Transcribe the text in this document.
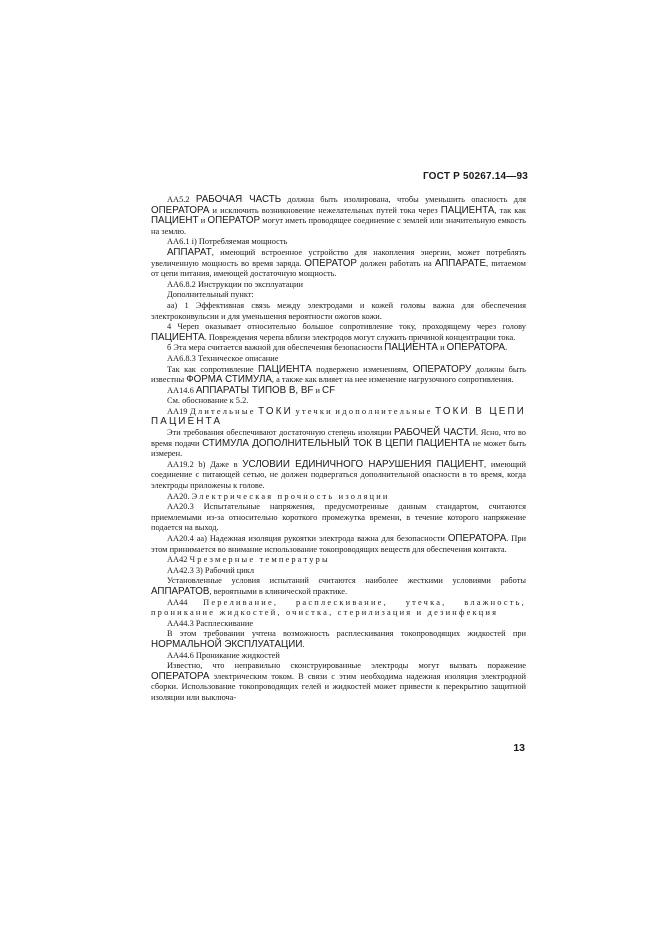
ГОСТ Р 50267.14—93

АА5.2 РАБОЧАЯ ЧАСТЬ должна быть изолирована, чтобы уменьшить опасность для ОПЕРАТОРА и исключить возникновение нежелательных путей тока через ПАЦИЕНТА, так как ПАЦИЕНТ и ОПЕРАТОР могут иметь проводящее соединение с землей или значительную емкость на землю.

АА6.1 i) Потребляемая мощность

АППАРАТ, имеющий встроенное устройство для накопления энергии, может потреблять увеличенную мощность во время заряда. ОПЕРАТОР должен работать на АППАРАТЕ, питаемом от цепи питания, имеющей достаточную мощность.

АА6.8.2 Инструкции по эксплуатации

Дополнительный пункт:

аа) 1 Эффективная связь между электродами и кожей головы важна для обеспечения электроконвульсии и для уменьшения вероятности ожогов кожи.

4 Череп оказывает относительно большое сопротивление току, проходящему через голову ПАЦИЕНТА. Повреждения черепа вблизи электродов могут служить причиной концентрации тока.

б Эта мера считается важной для обеспечения безопасности ПАЦИЕНТА и ОПЕРАТОРА.

АА6.8.3 Техническое описание

Так как сопротивление ПАЦИЕНТА подвержено изменениям, ОПЕРАТОРУ должны быть известны ФОРМА СТИМУЛА, а также как влияет на нее изменение нагрузочного сопротивления.

АА14.6 АППАРАТЫ ТИПОВ B, BF и CF

См. обоснование к 5.2.

АА19 Длительные ТОКИ утечки и дополнительные ТОКИ В ЦЕПИ ПАЦИЕНТА

Эти требования обеспечивают достаточную степень изоляции РАБОЧЕЙ ЧАСТИ. Ясно, что во время подачи СТИМУЛА ДОПОЛНИТЕЛЬНЫЙ ТОК В ЦЕПИ ПАЦИЕНТА не может быть измерен.

АА19.2 b) Даже в УСЛОВИИ ЕДИНИЧНОГО НАРУШЕНИЯ ПАЦИЕНТ, имеющий соединение с питающей сетью, не должен подвергаться дополнительной опасности в то время, когда электроды приложены к голове.

АА20. Электрическая прочность изоляции

АА20.3 Испытательные напряжения, предусмотренные данным стандартом, считаются приемлемыми из-за относительно короткого промежутка времени, в течение которого напряжение подается на выход.

АА20.4 аа) Надежная изоляция рукоятки электрода важна для безопасности ОПЕРАТОРА. При этом принимается во внимание использование токопроводящих веществ для обеспечения контакта.

АА42 Чрезмерные температуры

АА42.3 3) Рабочий цикл

Установленные условия испытаний считаются наиболее жесткими условиями работы АППАРАТОВ, вероятными в клинической практике.

АА44 Переливание, расплескивание, утечка, влажность, проникание жидкостей, очистка, стерилизация и дезинфекция

АА44.3 Расплескивание

В этом требовании учтена возможность расплескивания токопроводящих жидкостей при НОРМАЛЬНОЙ ЭКСПЛУАТАЦИИ.

АА44.6 Проникание жидкостей

Известно, что неправильно сконструированные электроды могут вызвать поражение ОПЕРАТОРА электрическим током. В связи с этим необходима надежная изоляция электродной сборки. Использование токопроводящих гелей и жидкостей может привести к перекрытию защитной изоляции или выключа-

13
